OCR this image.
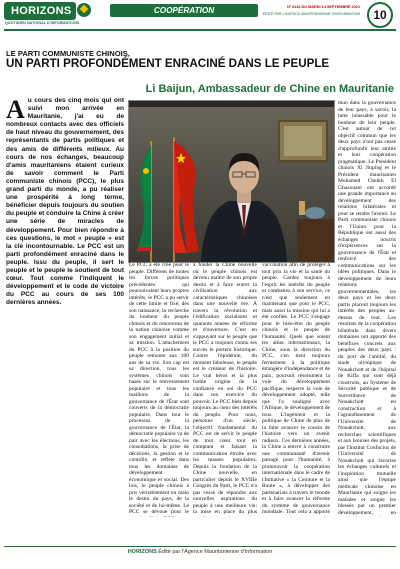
HORIZONS
QUOTIDIEN NATIONAL D'INFORMATIONS
COOPÉRATION	N° 8116 DU MARDI 14 SEPTEMBRE 2021
ÉDITÉ PAR L'AGENCE MAURITANIENNE D'INFORMATION	10
LE PARTI COMMUNISTE CHINOIS,
UN PARTI PROFONDÉMENT ENRACINÉ DANS LE PEUPLE
Li Baijun, Ambassadeur de Chine en Mauritanie
Au cours des cinq mois qui ont suivi mon arrivée en Mauritanie, j'ai eu de nombreux contacts avec des officiels de haut niveau du gouvernement, des représentants de partis politiques et des amis de différents milieux. Au cours de nos échanges, beaucoup d'amis mauritaniens étaient curieux de savoir comment le Parti communiste chinois (PCC), le plus grand parti du monde, a pu réaliser une prospérité à long terme, bénéficier depuis toujours du soutien du peuple et conduire la Chine à créer une série de miracles de développement. Pour bien répondre à ces questions, le mot « peuple » est la clé incontournable. Le PCC est un parti profondément enraciné dans le peuple. Issu du peuple, il sert le peuple et le peuple le soutient de tout cœur. Tout comme l'indiquent le développement et le code de victoire du PCC au cours de ses 100 dernières années.
Le PCC a été créé pour le peuple. Différent de toutes les forces politiques précédentes qui poursuivaient leurs propres intérêts, le PCC a pu servir de cette limite et fixé, dès son naissance, la recherche du bonheur du peuple chinois et du renouveau de la nation chinoise comme son engagement initial et sa mission. L'attachement du PCC à la position du peuple remonte aux 100 ans de sa vie. Son cap est sa direction, tous les systèmes chinois sont basés sur le renversement populaire et tous les maillons de la gouvernance de l'État sont couverts de la démocratie populaire. Dans tout le processus de la gouvernance de l'État, la démocratie populaire va de pair avec les élections, les consultations, la prise de décisions, la gestion et le contrôle, et reflète dans tous les domaines de développement économique et social. Des lois, le peuple chinois a pris véritablement en main le destin du pays, de la société et de lui-même. Le PCC se dévoue pour le
à fonder la Chine nouvelle où le peuple chinois est devenu maître de son propre destin et à faire entrer la civilisation aux caractéristiques chinoises dans une nouvelle ère. À travers la révolution et l'édification socialistes et quarante années de réforme et d'ouverture. C'est en s'appuyant sur le peuple que le PCC a toujours connu ses succès le portent historique. Contre l'épidémie, du moment fabuleuse, le peuple est le créateur de l'histoire. Le vrai héros et la plus forme origine de la confiance en soi du PCC dans son exercice du pouvoir. Le PCC bien depuis toujours au cœur des intérêts du peuple. Pour nous, personne d'un siècle, l'objectif fondamental du PCC est de servir le peuple de tout cœur tout en comptant et faisant la communication étroite avec les masses populaires. Depuis la fondation de la Chine nouvelle, en particulier depuis le XVIIIe Congrès du Parti, le PCC n'a pas cessé de répondre aux nouvelles aspirations du peuple à une meilleure vie: la mise en place du plus
vaccination afin de protéger à tout prix la vie et la santé du peuple. Gardez toujours à l'esprit les intérêts du peuple et combattez à son service, ce n'est que seulement en maintenant que pour le PCC, mais aussi la mission qui lui a été confiée. Le PCC s'engage pour le bien-être du peuple chinois et le peuple de l'humanité. Quels que soient les aléas internationaux, la Chine, sous la direction du PCC, s'en tient toujours fermement à la politique étrangère d'indépendance et de paix, poursuit résolument la voie du développement pacifique, respecte la voie de développement adopté, telle que l'a souligné avec l'Afrique, le développement de tous. L'ingénieur et la politique de Chine de plus de la faite avancer le cousin de l'histoire vers un avenir radieux. Ces dernières années, la Chine a œuvré à construire une communauté d'avenir partagé pour l'humanité, à promouvoir la coopération internationale dans le cadre de l'Initiative « la Ceinture et la Route », à développer des partenariats à travers le monde et à faire avancer la réforme du système de gouvernance mondiale. Tout cela a apporté
mun dans la gouvernance de leur pays, à savoir, la lutte inlassable pour le bonheur de leur peuple. C'est autour de cet objectif commun que les deux pays n'ont pas cessé d'approfondir leur amitié et leur coopération pragmatique. Le Président chinois Xi Jinping et le Président mauritanien Mohamed Cheikh El Ghazouani ont accordé une grande importance au développement des relations bilatérales et pour se rendre l'avenir. Le Parti communiste chinois et l'Union pour la République ont aussi des échanges nourris d'expériences sur la gouvernance de l'État et renforcé des communications sur les idées politiques. Dans le développement de leurs relations gouvernementales, les deux pays et les deux partis placent toujours les intérêts des peuples au-dessus de tout. Les résultats de la coopération bilatérale dans divers domaines ont apporté des bénéfices concrets aux peuples des deux pays : du port de l'amitié, du stade olympique de Nouakchott et de l'hôpital de Kiffa qui sont déjà construits, au Système de Sécurité publique et de Surveillance de Nouakchott en construction et à l'agrandissement de l'Université de Nouakchott, aux recherches scientifiques et aux bourses des projets, par l'Institut Confucius de l'Université de Nouakchott qui favorise les échanges culturels et l'inspiration mutuelle ainsi que l'équipe médicale chinoise en Mauritanie qui soigne les malades et soigne les blessés par un premier développement, en
HORIZONS Édité par l'Agence Mauritanienne d'Information
